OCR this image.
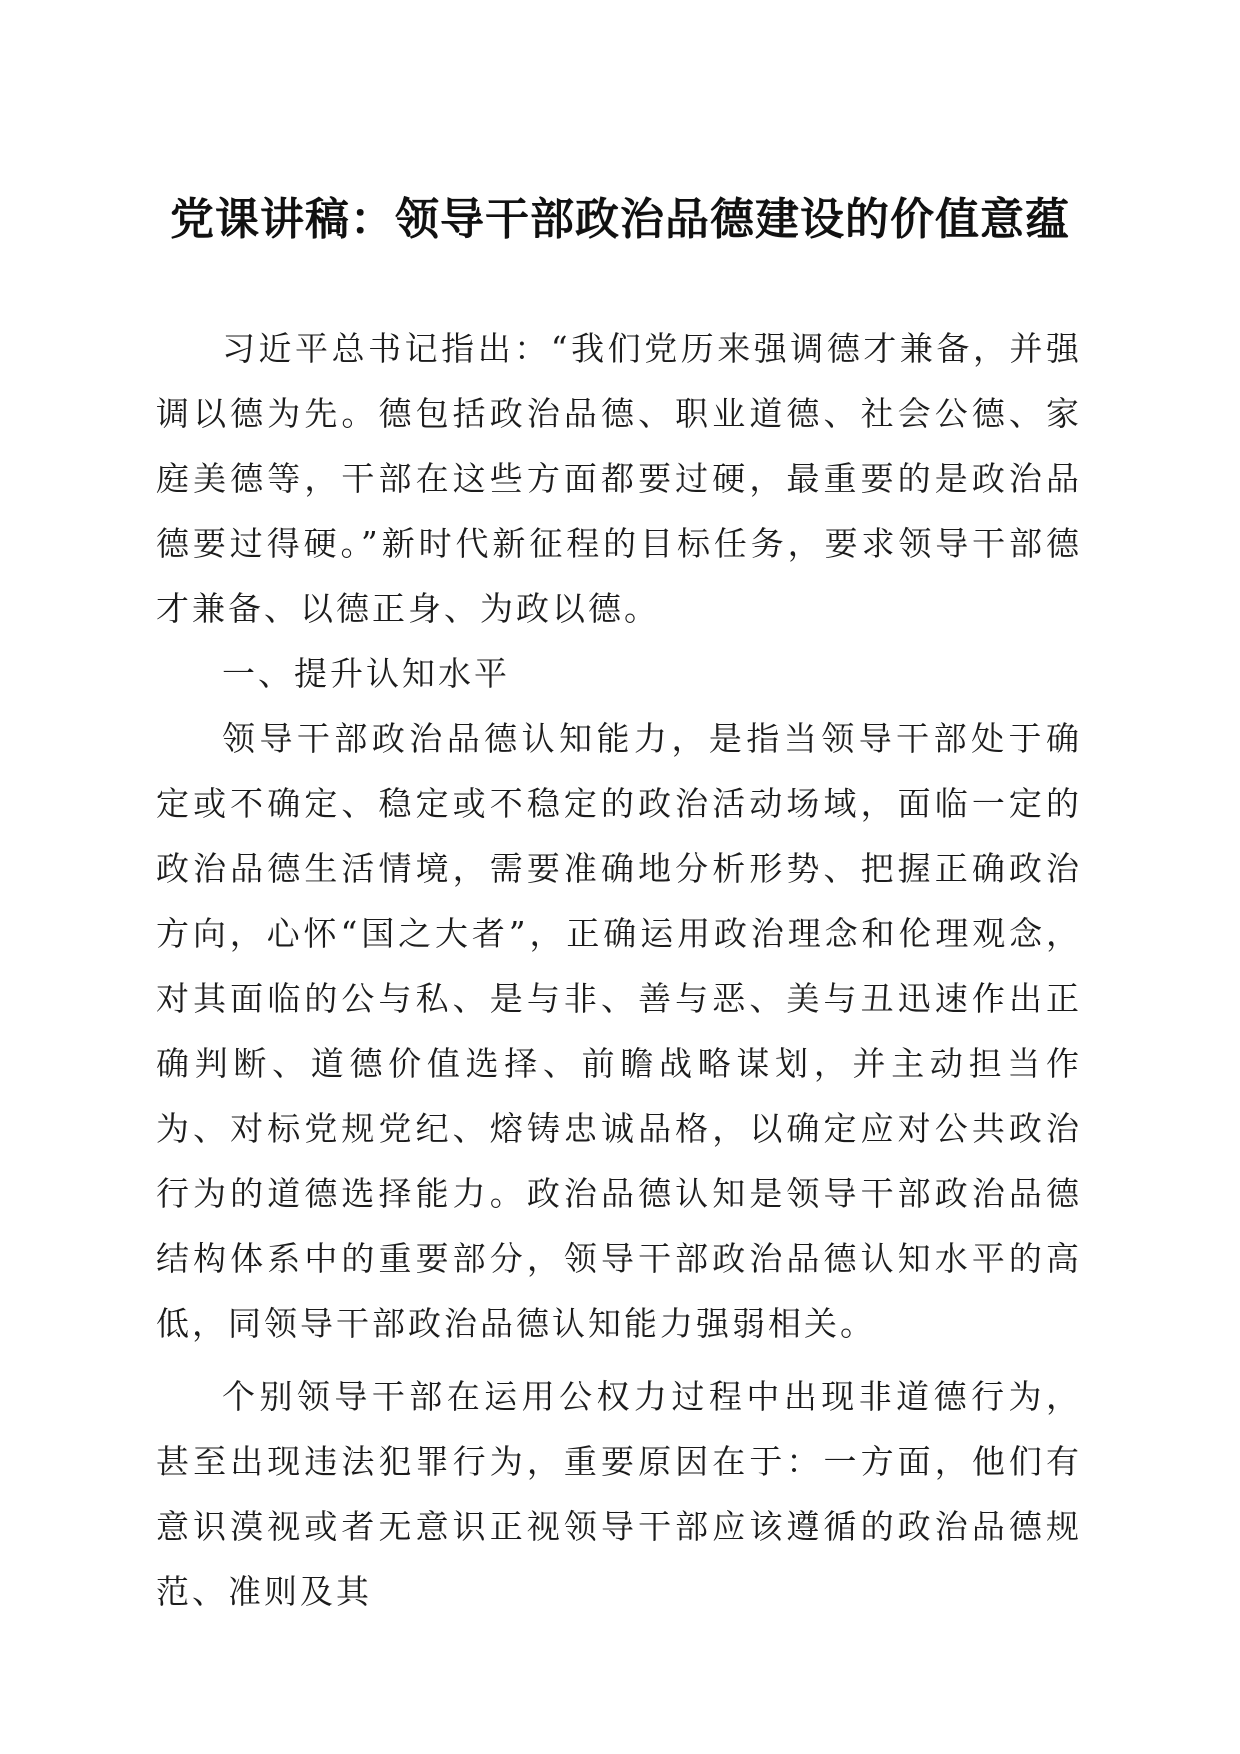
党课讲稿：领导干部政治品德建设的价值意蕴

习近平总书记指出：“我们党历来强调德才兼备，并强调以德为先。德包括政治品德、职业道德、社会公德、家庭美德等，干部在这些方面都要过硬，最重要的是政治品德要过得硬。”新时代新征程的目标任务，要求领导干部德才兼备、以德正身、为政以德。

一、提升认知水平

领导干部政治品德认知能力，是指当领导干部处于确定或不确定、稳定或不稳定的政治活动场域，面临一定的政治品德生活情境，需要准确地分析形势、把握正确政治方向，心怀“国之大者”，正确运用政治理念和伦理观念，对其面临的公与私、是与非、善与恶、美与丑迅速作出正确判断、道德价值选择、前瞻战略谋划，并主动担当作为、对标党规党纪、熔铸忠诚品格，以确定应对公共政治行为的道德选择能力。政治品德认知是领导干部政治品德结构体系中的重要部分，领导干部政治品德认知水平的高低，同领导干部政治品德认知能力强弱相关。

个别领导干部在运用公权力过程中出现非道德行为，甚至出现违法犯罪行为，重要原因在于：一方面，他们有意识漠视或者无意识正视领导干部应该遵循的政治品德规范、准则及其
